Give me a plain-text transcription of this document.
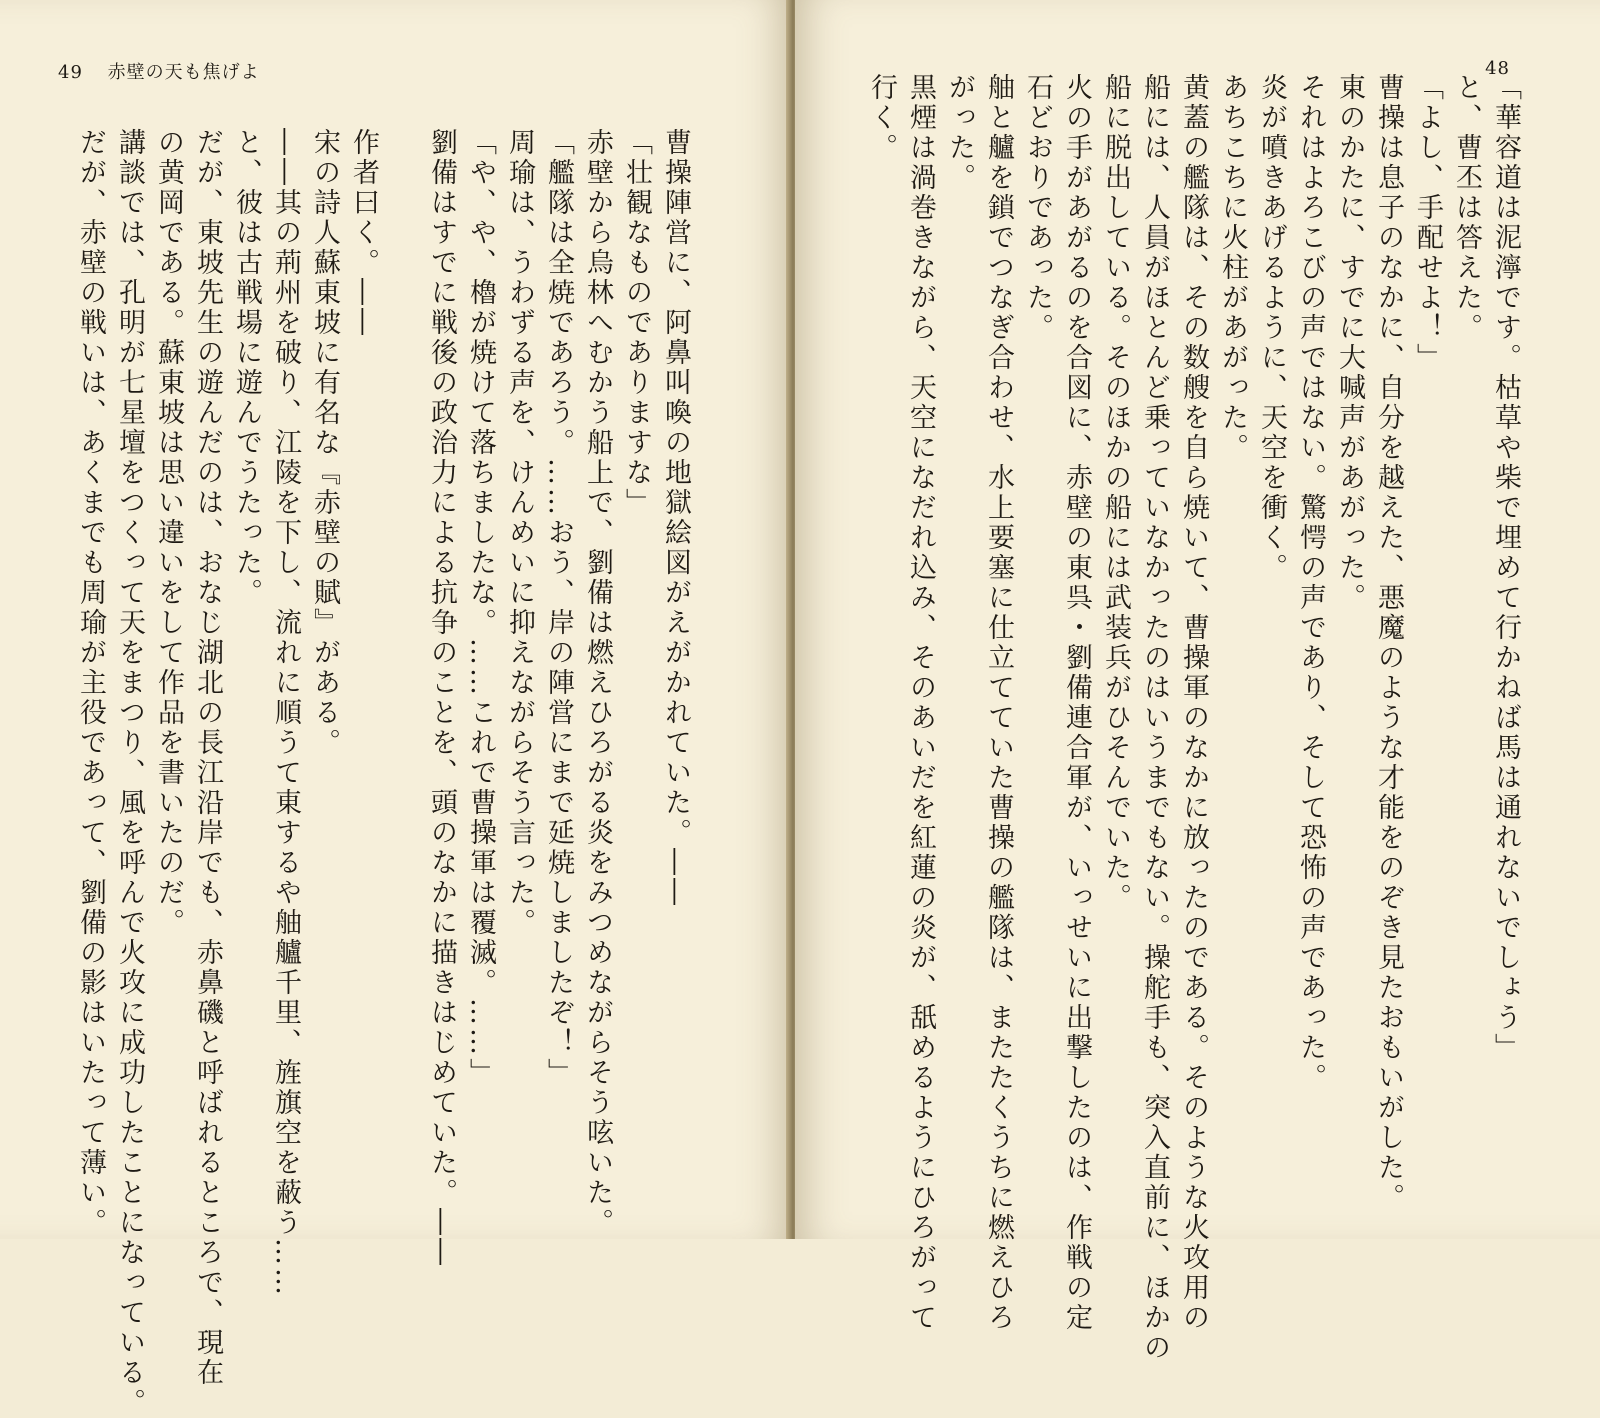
49 赤壁の天も焦げよ
曹操陣営に、阿鼻叫喚の地獄絵図がえがかれていた。――
「壮観なものでありますな」
赤壁から烏林へむかう船上で、劉備は燃えひろがる炎をみつめながらそう呟いた。
「艦隊は全焼であろう。……おう、岸の陣営にまで延焼しましたぞ！」
周瑜は、うわずる声を、けんめいに抑えながらそう言った。
「や、や、櫓が焼けて落ちましたな。……これで曹操軍は覆滅。……」
劉備はすでに戦後の政治力による抗争のことを、頭のなかに描きはじめていた。――
作者曰く。――
宋の詩人蘇東坡に有名な『赤壁の賦』がある。
――其の荊州を破り、江陵を下し、流れに順うて東するや舳艫千里、旌旗空を蔽う……
と、彼は古戦場に遊んでうたった。
だが、東坡先生の遊んだのは、おなじ湖北の長江沿岸でも、赤鼻磯と呼ばれるところで、現在
の黄岡である。蘇東坡は思い違いをして作品を書いたのだ。
講談では、孔明が七星壇をつくって天をまつり、風を呼んで火攻に成功したことになっている。
だが、赤壁の戦いは、あくまでも周瑜が主役であって、劉備の影はいたって薄い。
48
「華容道は泥濘です。枯草や柴で埋めて行かねば馬は通れないでしょう」
と、曹丕は答えた。
「よし、手配せよ！」
曹操は息子のなかに、自分を越えた、悪魔のような才能をのぞき見たおもいがした。
東のかたに、すでに大喊声があがった。
それはよろこびの声ではない。驚愕の声であり、そして恐怖の声であった。
炎が噴きあげるように、天空を衝く。
あちこちに火柱があがった。
黄蓋の艦隊は、その数艘を自ら焼いて、曹操軍のなかに放ったのである。そのような火攻用の
船には、人員がほとんど乗っていなかったのはいうまでもない。操舵手も、突入直前に、ほかの
船に脱出している。そのほかの船には武装兵がひそんでいた。
火の手があがるのを合図に、赤壁の東呉・劉備連合軍が、いっせいに出撃したのは、作戦の定
石どおりであった。
舳と艫を鎖でつなぎ合わせ、水上要塞に仕立てていた曹操の艦隊は、またたくうちに燃えひろ
がった。
黒煙は渦巻きながら、天空になだれ込み、そのあいだを紅蓮の炎が、舐めるようにひろがって
行く。
